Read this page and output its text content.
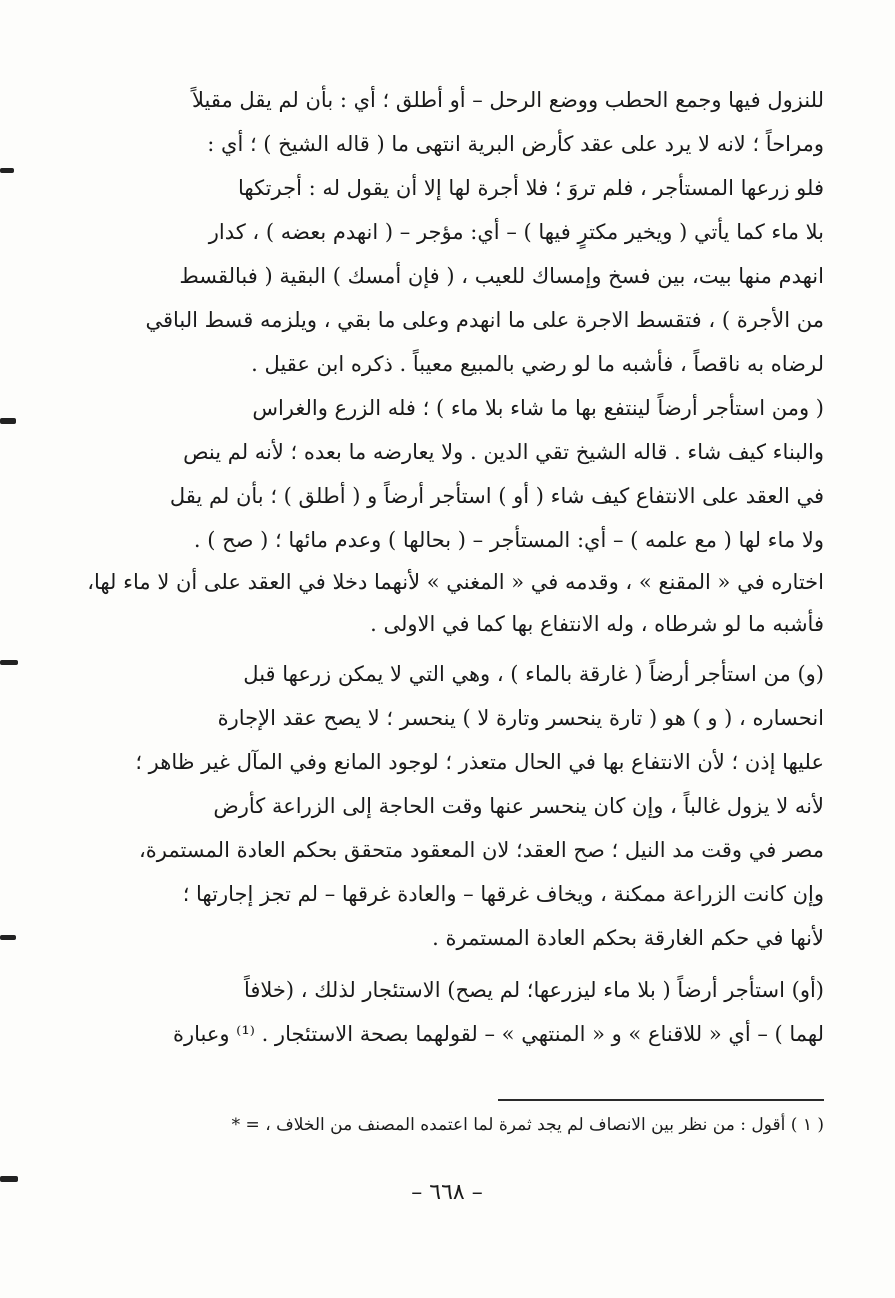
للنزول فيها وجمع الحطب ووضع الرحل – أو أطلق ؛ أي : بأن لم يقل مقيلاً
ومراحاً ؛ لانه لا يرد على عقد كأرض البرية انتهى ما ( قاله الشيخ ) ؛ أي :
فلو زرعها المستأجر ، فلم تروَ ؛ فلا أجرة لها إلا أن يقول له : أجرتكها
بلا ماء كما يأتي ( ويخير مكترٍ فيها ) – أي: مؤجر – ( انهدم بعضه ) ، كدار
انهدم منها بيت، بين فسخ وإمساك للعيب ، ( فإن أمسك ) البقية ( فبالقسط
من الأجرة ) ، فتقسط الاجرة على ما انهدم وعلى ما بقي ، ويلزمه قسط الباقي
لرضاه به ناقصاً ، فأشبه ما لو رضي بالمبيع معيباً . ذكره ابن عقيل .
( ومن استأجر أرضاً لينتفع بها ما شاء بلا ماء ) ؛ فله الزرع والغراس
والبناء كيف شاء . قاله الشيخ تقي الدين . ولا يعارضه ما بعده ؛ لأنه لم ينص
في العقد على الانتفاع كيف شاء ( أو ) استأجر أرضاً و ( أطلق ) ؛ بأن لم يقل
ولا ماء لها ( مع علمه ) – أي: المستأجر – ( بحالها ) وعدم مائها ؛ ( صح ) .
اختاره في « المقنع » ، وقدمه في « المغني » لأنهما دخلا في العقد على أن لا ماء لها،
فأشبه ما لو شرطاه ، وله الانتفاع بها كما في الاولى .
(و) من استأجر أرضاً ( غارقة بالماء ) ، وهي التي لا يمكن زرعها قبل
انحساره ، ( و ) هو ( تارة ينحسر وتارة لا ) ينحسر ؛ لا يصح عقد الإجارة
عليها إذن ؛ لأن الانتفاع بها في الحال متعذر ؛ لوجود المانع وفي المآل غير ظاهر ؛
لأنه لا يزول غالباً ، وإن كان ينحسر عنها وقت الحاجة إلى الزراعة كأرض
مصر في وقت مد النيل ؛ صح العقد؛ لان المعقود متحقق بحكم العادة المستمرة،
وإن كانت الزراعة ممكنة ، ويخاف غرقها – والعادة غرقها – لم تجز إجارتها ؛
لأنها في حكم الغارقة بحكم العادة المستمرة .
(أو) استأجر أرضاً ( بلا ماء ليزرعها؛ لم يصح) الاستئجار لذلك ، (خلافاً
لهما ) – أي « للاقناع » و « المنتهي » – لقولهما بصحة الاستئجار . ⁽¹⁾ وعبارة
( ١ ) أقول : من نظر بين الانصاف لم يجد ثمرة لما اعتمده المصنف من الخلاف ، = *
– ٦٦٨ –
